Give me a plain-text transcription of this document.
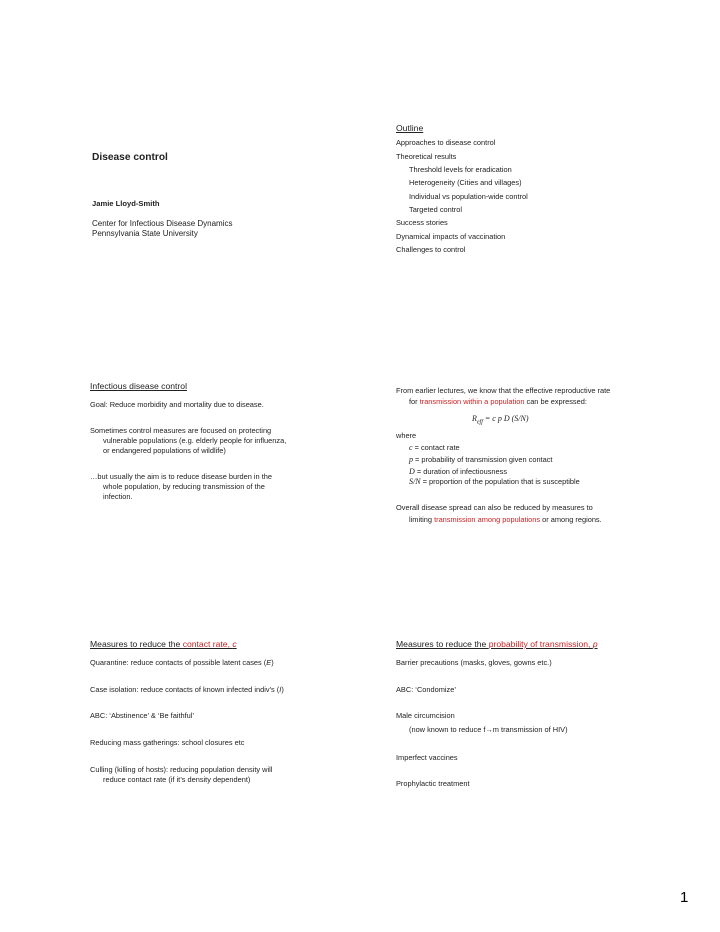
Disease control
Jamie Lloyd-Smith
Center for Infectious Disease Dynamics
Pennsylvania State University
Outline
Approaches to disease control
Theoretical results
Threshold levels for eradication
Heterogeneity (Cities and villages)
Individual vs population-wide control
Targeted control
Success stories
Dynamical impacts of vaccination
Challenges to control
Infectious disease control
Goal: Reduce morbidity and mortality due to disease.
Sometimes control measures are focused on protecting
vulnerable populations (e.g. elderly people for influenza,
or endangered populations of wildlife)
…but usually the aim is to reduce disease burden in the
whole population, by reducing transmission of the
infection.
From earlier lectures, we know that the effective reproductive rate
for transmission within a population can be expressed:
$R_{eff} = c$ p D (S/N)
where
c = contact rate
p = probability of transmission given contact
D = duration of infectiousness
S/N = proportion of the population that is susceptible
Overall disease spread can also be reduced by measures to
limiting transmission among populations or among regions.
Measures to reduce the contact rate, c
Quarantine: reduce contacts of possible latent cases (E)
Case isolation: reduce contacts of known infected indiv’s (I)
ABC: ‘Abstinence’ & ‘Be faithful’
Reducing mass gatherings: school closures etc
Culling (killing of hosts): reducing population density will
reduce contact rate (if it’s density dependent)
Measures to reduce the probability of transmission, p
Barrier precautions (masks, gloves, gowns etc.)
ABC: ‘Condomize’
Male circumcision
(now known to reduce f→m transmission of HIV)
Imperfect vaccines
Prophylactic treatment
1
